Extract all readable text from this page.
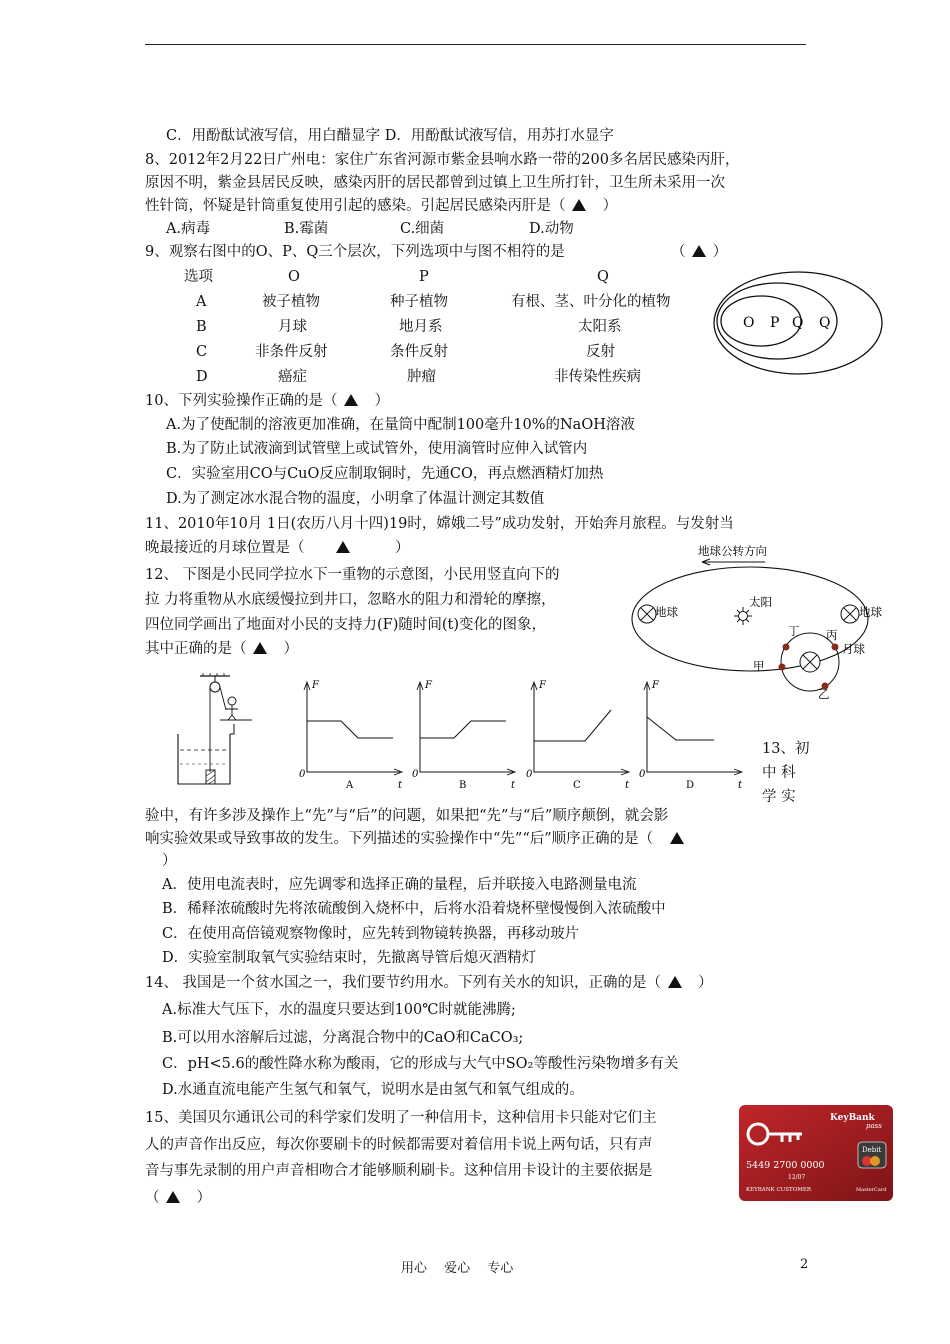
C．用酚酞试液写信，用白醋显字 D．用酚酞试液写信，用苏打水显字
8、2012年2月22日广州电：家住广东省河源市紫金县响水路一带的200多名居民感染丙肝，
原因不明，紫金县居民反映，感染丙肝的居民都曾到过镇上卫生所打针，卫生所未采用一次
性针筒，怀疑是针筒重复使用引起的感染。引起居民感染丙肝是（ 　	）
A.病毒	B.霉菌	C.细菌	D.动物
9、观察右图中的O、P、Q三个层次，下列选项中与图不相符的是	（ ）
选项	O	P	Q
A	被子植物	种子植物	有根、茎、叶分化的植物
B	月球	地月系	太阳系
C	非条件反射	条件反射	反射
D	癌症	肿瘤	非传染性疾病
O P Q Q
10、下列实验操作正确的是（ 　	）
A.为了使配制的溶液更加准确，在量筒中配制100毫升10%的NaOH溶液
B.为了防止试液滴到试管壁上或试管外，使用滴管时应伸入试管内
C．实验室用CO与CuO反应制取铜时，先通CO，再点燃酒精灯加热
D.为了测定冰水混合物的温度，小明拿了体温计测定其数值
11、2010年10月 1日(农历八月十四)19时，嫦娥二号”成功发射，开始奔月旅程。与发射当
晚最接近的月球位置是（　　　　　	）	地球公转方向
地球	地球
太阳
丁 丙
甲
乙
月球
12、 下图是小民同学拉水下一重物的示意图，小民用竖直向下的
拉 力将重物从水底缓慢拉到井口，忽略水的阻力和滑轮的摩擦，
四位同学画出了地面对小民的支持力(F)随时间(t)变化的图象，
其中正确的是（ 　	）
F
0
t
A
F
0
t
B
F
0
t
C
F
0
t
D
13、初
中 科
学 实
验中，有许多涉及操作上“先”与“后”的问题，如果把“先”与“后”顺序颠倒，就会影
响实验效果或导致事故的发生。下列描述的实验操作中“先”“后”顺序正确的是（　
）
A．使用电流表时，应先调零和选择正确的量程，后并联接入电路测量电流
B．稀释浓硫酸时先将浓硫酸倒入烧杯中，后将水沿着烧杯壁慢慢倒入浓硫酸中
C．在使用高倍镜观察物像时，应先转到物镜转换器，再移动玻片
D．实验室制取氧气实验结束时，先撤离导管后熄灭酒精灯
14、 我国是一个贫水国之一，我们要节约用水。下列有关水的知识，正确的是（ 　	）
A.标准大气压下，水的温度只要达到100℃时就能沸腾;
B.可以用水溶解后过滤，分离混合物中的CaO和CaCO₃;
C．pH<5.6的酸性降水称为酸雨，它的形成与大气中SO₂等酸性污染物增多有关
D.水通直流电能产生氢气和氧气，说明水是由氢气和氧气组成的。
15、美国贝尔通讯公司的科学家们发明了一种信用卡，这种信用卡只能对它们主
人的声音作出反应，每次你要刷卡的时候都需要对着信用卡说上两句话，只有声
音与事先录制的用户声音相吻合才能够顺利刷卡。这种信用卡设计的主要依据是
（ 　	）
KeyBank
pass
Debit
5449 2700 0000
12/07
KEYBANK CUSTOMER	MasterCard
用心　 爱心　 专心	2
